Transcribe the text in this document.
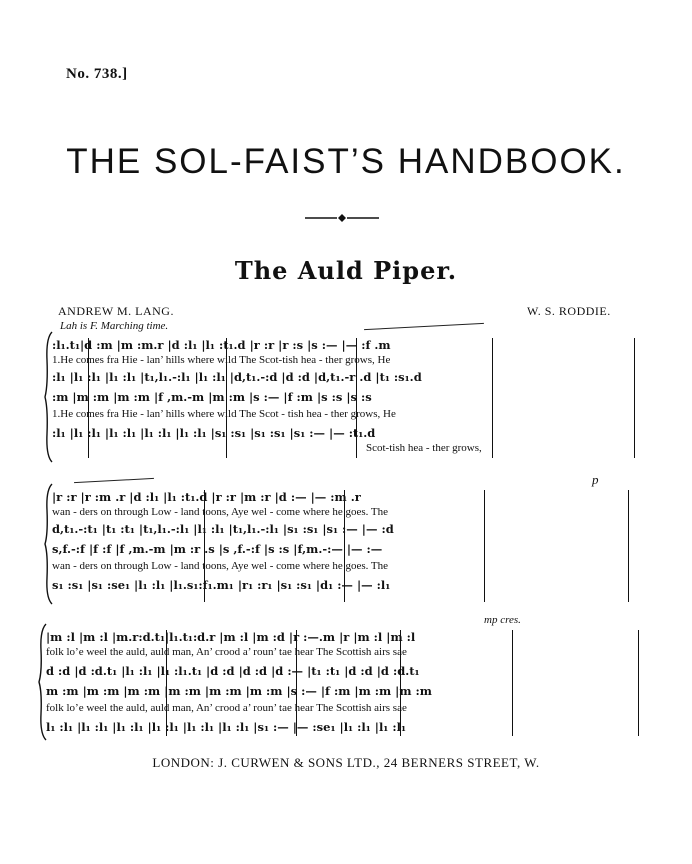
No. 738.]
THE SOL-FAIST’S HANDBOOK.
The Auld Piper.
ANDREW M. LANG.	W. S. RODDIE.
Lah is F. Marching time.
:l₁.t₁|d :m |m :m.r |d :l₁ |l₁ :t₁.d |r :r |r :s |s :— |— :f .m
1.He comes fra Hie - lan’ hills where wild The Scot-tish hea - ther grows, He
:l₁ |l₁ :l₁ |l₁ :l₁ |t₁,l₁.-:l₁ |l₁ :l₁ |d,t₁.-:d |d :d |d,t₁.-r .d |t₁ :s₁.d
:m |m :m |m :m |f ,m.-m |m :m |s :— |f :m |s :s |s :s
1.He comes fra Hie - lan’ hills where wild The Scot - tish hea - ther grows, He
:l₁ |l₁ :l₁ |l₁ :l₁ |l₁ :l₁ |l₁ :l₁ |s₁ :s₁ |s₁ :s₁ |s₁ :— |— :t₁.d
Scot-tish hea - ther grows,
p
|r :r |r :m .r |d :l₁ |l₁ :t₁.d |r :r |m :r |d :— |— :m .r
wan - ders on through Low - land toons, Aye wel - come where he goes. The
d,t₁.-:t₁ |t₁ :t₁ |t₁,l₁.-:l₁ |l₁ :l₁ |t₁,l₁.-:l₁ |s₁ :s₁ |s₁ :— |— :d
s,f.-:f |f :f |f ,m.-m |m :r .s |s ,f.-:f |s :s |f,m.-:— |— :—
wan - ders on through Low - land toons, Aye wel - come where he goes. The
s₁ :s₁ |s₁ :se₁ |l₁ :l₁ |l₁.s₁:f₁.m₁ |r₁ :r₁ |s₁ :s₁ |d₁ :— |— :l₁
mp cres.
|m :l |m :l |m.r:d.t₁|l₁.t₁:d.r |m :l |m :d |r :—.m |r |m :l |m :l
folk lo’e weel the auld, auld man, An’ crood a’ roun’ tae hear The Scottish airs sae
d :d |d :d.t₁ |l₁ :l₁ |l₁ :l₁.t₁ |d :d |d :d |d :— |t₁ :t₁ |d :d |d :d.t₁
m :m |m :m |m :m |m :m |m :m |m :m |s :— |f :m |m :m |m :m
folk lo’e weel the auld, auld man, An’ crood a’ roun’ tae hear The Scottish airs sae
l₁ :l₁ |l₁ :l₁ |l₁ :l₁ |l₁ :l₁ |l₁ :l₁ |l₁ :l₁ |s₁ :— |— :se₁ |l₁ :l₁ |l₁ :l₁
LONDON: J. CURWEN & SONS LTD., 24 BERNERS STREET, W.
